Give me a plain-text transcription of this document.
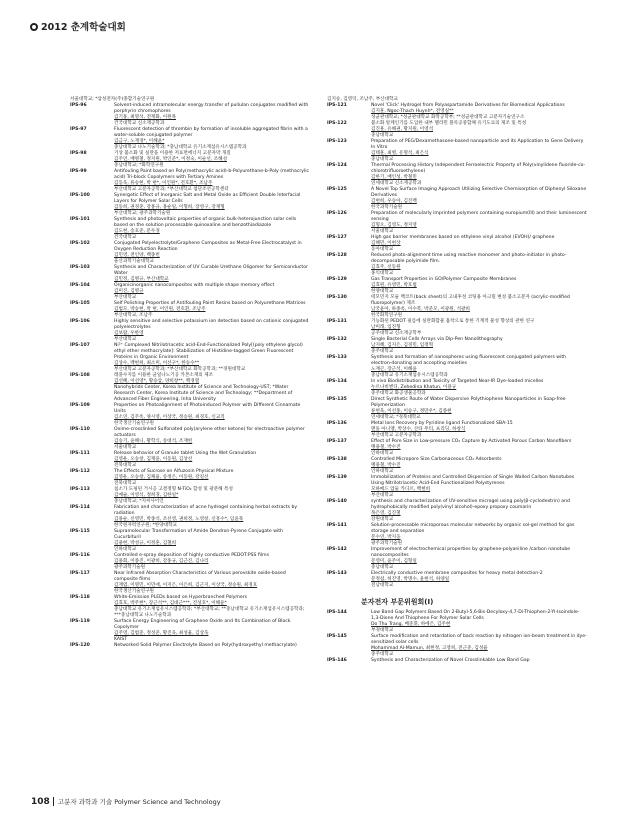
2012 춘계학술대회
서울대학교; *삼성전자(주)종합기술연구원
IPS-96	Solvent-induced intramolecular energy transfer of pullulan conjugates modified with porphyrin chromophores
김기홍, 최명석, 전재화, 이원목
건국대학교 신소재공학과
IPS-97	Fluorescent detection of thrombin by formation of insoluble aggregated fibrin with a water-soluble conjugated polymer
김금구, 노재경*, 이해윤*
충남대학교 나노기술학과; *충남대학교 유기소재섬유시스템공학과
IPS-98	기상 불소화 및 실란을 이용한 저표면에너지 고분자막 개질
김주연, 배병철, 정지원, 박인준*, 이정숙, 이순선, 조해성
충남대학교; *화학연구원
IPS-99	Antifouling Paint based on Poly(methacrylic acid)-b-Polyurethane-b-Poly (methacrylic acid) Tri-block Copolymers with Tertiary Amines
김동욱, 류승현, 박 현*, 이인원*, 전호환*, 조남주
부산대학교 고분자공학과; *부산대학교 첨단조선공학센터
IPS-100	Synergetic Effect of Inorganic Salt and Metal Oxide as Efficient Double Interfacial Layers for Polymer Solar Cells
김동희, 권경준, 강홍규, 홍순일, 이형희, 장영구, 강재형
부산대학교; 광주과학기술원
IPS-101	Synthesis and photovoltaic properties of organic bulk-heterojunction solar cells based on the solution processable quinoxaline and benzothiadiazole
김도현, 송호준, 문두경
건국대학교
IPS-102	Conjugated Polyelectrolyte/Graphene Composites as Metal-Free Electrocatalyst in Oxygen Reduction Reaction
김민영, 전인양, 백종빈
울산과학기술대학교
IPS-103	Synthesis and Characterization of UV Curable Urethane Oligomer for Semiconductor Water
김민정, 김병규, 부산대학교
IPS-104	Organicinorganic nanocomposites with multiple shape memory effect
김미진, 김병규
부산대학교
IPS-105	Self Polishing Properties of Antifouling Paint Resins based on Polyurethane Matrices
김범모, 박승현, 박 현, 이인원, 전호환, 조남주
부산대학교, 조남주
IPS-106	Highly sensitive and selective potassium ion detection based on cationic conjugated polyelectrolytes
김보람, 우한영
부산대학교
IPS-107	Ni²⁺ Complexed Nitrilotriacetic acid-End-Functionalized Poly[(poly ethylene glycol) ethyl ether methacrylate]: Stabilization of Histidine-tagged Green Fluorescent Proteins in Organic Environment
김상수, 백현희, 최소미, 이선구*, 한승수**
부산대학교 고분자공학과; *부산대학교 화학공학과; **경원대학교
IPS-108	레플수지를 이용한 균일나노기공 카본소재의 제조
김선혜, 이선영*, 황승삼, 양희창**, 백경열
Nanohybrids Center, Korea Institute of Science and Technology-UST; *Water Research Center, Korea Institute of Science and Technology; **Department of Advanced Fiber Engineering, Inha University
IPS-109	Properties on Photoalignment of Photoinduced Polymer with Different Cinnamate Units
김소연, 김주옥, 양시영, 이상국, 정승원, 최경호, 신교직
한국생산기술연구원
IPS-110	Oxime-crosslinked Sulfonated poly(arylene ether ketone) for electroactive polymer actuators
김승기, 윤해니, 황학식, 송대석, 조재헌
서울대학교
IPS-111	Release behavior of Granule tablet Using the Wet Granulation
김영운, 오승창, 김재윤, 이동원, 김상선
전북대학교
IPS-112	The Effects of Sucrose on Alfuzosin Physical Mixture
김영운, 오승창, 김채율, 송정은, 이동원, 강길선
전북대학교
IPS-113	침소가 도핑된 거시공 고결정형 N-TiO₂ 합성 및 광분해 특성
김예슬, 이영석, 정희경, 김한일*
충남대학교; *지씨사이언
IPS-114	Fabrication and characterization of acne hydrogel containing herbal extracts by radiation
김용순, 신영민, 박종석, 조선영, 권희정, 노영창, 신흥수*, 임윤묵
한국원자력연구원; *한양대학교
IPS-115	Supramolecular Transformation of Amide Dendron-Pyrene Conjugate with Cucurbituril
김용현, 박성규, 이정훈, 김철희
인하대학교
IPS-116	Controlled e-spray deposition of highly conductive PEDOT:PSS films
김용회, 이종진, 이광희, 강홍규, 김근진, 김나리
광주과학기술원
IPS-117	Near Infrared Absorption Characteristics of Various perovskite oxide-based composite films
김재엽, 이명민, 이민애, 이지은, 이은희, 김근지, 이상국, 정승원, 최경호
한국생산기술연구원
IPS-118	White-Emission PLEDs based on Hyperbranched Polymers
김효호, 박주현*, 장근석**, 김대근***, 진성호*, 이해윤*
충남대학교 유기소재섬유시스템공학과; *부산대학교; **충남대학교 유기소재섬유시스템공학과; ***충남대학교 나노기술학과
IPS-119	Surface Energy Engineering of Graphene Oxide and Its Combination of Block Copolymer
김주영, 김범준, 정성준, 황진욱, 최성율, 김상욱
KAIST
IPS-120	Networked Solid Polymer Electrolyte Based on Poly(hydroxyethyl methacrylate)
김지승, 김영덕, 조남주, 부산대학교
IPS-121	Novel 'Click' Hydrogel from Polyaspartamide Derivatives for Biomedical Applications
김지훈, Ngoc-Thach Huynh*, 전영실**
성균관대학교; *성균관대학교 화학공학부; **성균관대학교 고분자기술연구소
IPS-122	불소화 알케인기를 도입한 내부 멜라민 블록공중합체 유기도료의 제조 및 특성
김진훈, 유해권, 황지원, 이영석
충남대학교
IPS-123	Preparation of PEG/Dexamethasone-based nanoparticle and its Application to Gene Delivery In Vitro
김태훈, 최병, 유명석, 최은식
충남대학교
IPS-124	Thermal Processing History Independent Ferroelectric Property of Poly(vinylidene fluoride-co-chlorotrifluoroethylene)
김한기, 배인성, 박철민
연세대학교 신소재공학과
IPS-125	A Novel Top Surface Imaging Approach Utilizing Selective Chemisorption of Diphenyl Siloxane Derivatives
김현희, 우승아, 김진백
한국과학기술원
IPS-126	Preparation of molecularly imprinted polymers containing europium(III) and their luminescent sensing
김형오, 김영도, 정지영
서울대학교
IPS-127	High gas barrier membranes based on ethylene vinyl alcohol (EVOH)/ graphene
김혜민, 이현상
동아대학교
IPS-128	Reduced photo-alignment time using reactive monomer and photo-initiator in photo-decomposable polyimide film.
김효주, 신동원
홍익대학교
IPS-129	Gas Transport Properties in GO/Polymer Composite Membranes
김효원, 유영민, 박호범
한양대학교
IPS-130	테모민지 모듈 백코트(back sheet)의 고내후성 코팅용 아크릴 변성 불소고분자 (acrylic-modified fluoropolymer) 제조
남궁윤아, 하종옥, 이수복, 박준모, 이광원, 석광희
한국화학연구원
IPS-131	기능화된 PEDOT 필름에 실란화합물 흡착으로 통한 기계적 물성 향상의 관한 연구
남미래, 임진형
공주대학교 신소재공학부
IPS-132	Single Bacterial Cells Arrays via Dip-Pen Nanolithography
남지혜, 김지은, 김경민, 임정혁
충주대학교
IPS-133	Synthesis and formation of nanospheres using fluorescent conjugated polymers with electron-donating and accepting moieties
노재곤, 장근석, 이해윤
충남대학교 유기소재섬유시스템공학과
IPS-134	In vivo Biodistribution and Toxicity of Targeted Near-IR Dye-loaded micelles
누르나비엔디, Zehedina Khatun, 이용규
충주대학교 화공생물공학과
IPS-135	Direct Synthetic Route of Water Dispersive Polythiophene Nanoparticles in Soap-free Polymerization
류현육, 이선홍, 이승구, 정만우*, 김종현
연세대학교; *경북대학교
IPS-136	Metal Ions Recovery by Pyridine ligand Functionalized SBA-15
맨돌 아니엘, 박상수, 산타 무티, 프리딩, 하창식
부산대학교 고분자공학과
IPS-137	Effect of Pore Size in Low-pressure CO₂ Capture by Activated Porous Carbon Nanofibers
맹용철, 박수진
인하대학교
IPS-138	Controlled Micropore Size Carbonaceous CO₂ Adsorbents
맹용철, 박수진
인하대학교
IPS-139	Immobilization of Proteins and Controlled Dispersion of Single Walled Carbon Nanotubes Using Nitrilotriacetic Acid-End Functionalized Polystyrenes
모하메드 압둘 카디르, 백현희
부산대학교
IPS-140	synthesis and characterization of UV-sensitive microgel using poly(β-cyclodextrin) and hydrophobically modified poly(vinyl alcohol)-epoxy propoxy coumarin
목은영, 김진철
강원대학교
IPS-141	Solution-processable microporous molecular networks by organic sol-gel method for gas storage and separation
문수연, 박지웅
광주과학기술원
IPS-142	Improvement of electrochemical properties by graphene-polyaniline /carbon nanotube nanocomposites
문영미, 윤주이, 김형일
충남대학교
IPS-143	Electrically conductive membrane composites for heavy metal detection-2
문정섭, 허진영, 박명수, 윤현석, 하양일
전남대학교
분자전자 부문위원회(I)
IPS-144	Low Band Gap Polymers Based On 2-Butyl-5,6-Bis-Decyloxy-4,7-Di-Thiophen-2-Yl-Isoindole-1,3-Dione And Thiophene For Polymer Solar Cells
Do Thu Trang, 배준휘, 하에은, 김주현
부경대학교
IPS-145	Surface modification and retardation of back reaction by nitrogen ion-beam treatment in dye-sensitized solar cells
Mohammad Al-Mamun, 최현정, 고영희, 전근준, 김성율
충주대학교
IPS-146	Synthesis and Characterization of Novel Crosslinkable Low Band Gap
108 고분자 과학과 기술 Polymer Science and Technology
